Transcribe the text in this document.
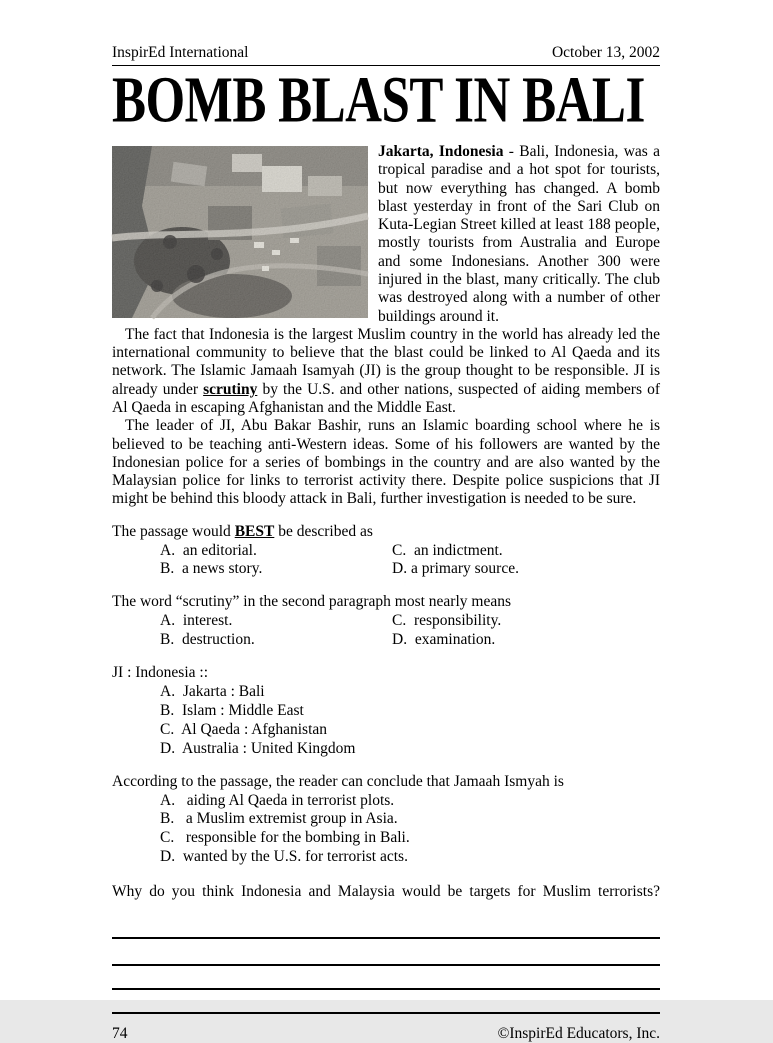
InspirEd International	October 13, 2002
BOMB BLAST IN BALI

Jakarta, Indonesia - Bali, Indonesia, was a tropical paradise and a hot spot for tourists, but now everything has changed. A bomb blast yesterday in front of the Sari Club on Kuta-Legian Street killed at least 188 people, mostly tourists from Australia and Europe and some Indonesians. Another 300 were injured in the blast, many critically. The club was destroyed along with a number of other buildings around it.

The fact that Indonesia is the largest Muslim country in the world has already led the international community to believe that the blast could be linked to Al Qaeda and its network. The Islamic Jamaah Isamyah (JI) is the group thought to be responsible. JI is already under scrutiny by the U.S. and other nations, suspected of aiding members of Al Qaeda in escaping Afghanistan and the Middle East.

The leader of JI, Abu Bakar Bashir, runs an Islamic boarding school where he is believed to be teaching anti-Western ideas. Some of his followers are wanted by the Indonesian police for a series of bombings in the country and are also wanted by the Malaysian police for links to terrorist activity there. Despite police suspicions that JI might be behind this bloody attack in Bali, further investigation is needed to be sure.

The passage would BEST be described as

A.  an editorial.
B.  a news story.
C.  an indictment.
D. a primary source.

The word “scrutiny” in the second paragraph most nearly means

A.  interest.
B.  destruction.
C.  responsibility.
D.  examination.

JI : Indonesia ::

A.  Jakarta : Bali
B.  Islam : Middle East
C.  Al Qaeda : Afghanistan
D.  Australia : United Kingdom

According to the passage, the reader can conclude that Jamaah Ismyah is

A.   aiding Al Qaeda in terrorist plots.
B.   a Muslim extremist group in Asia.
C.   responsible for the bombing in Bali.
D.  wanted by the U.S. for terrorist acts.

Why do you think Indonesia and Malaysia would be targets for Muslim terrorists?

74	©InspirEd Educators, Inc.
